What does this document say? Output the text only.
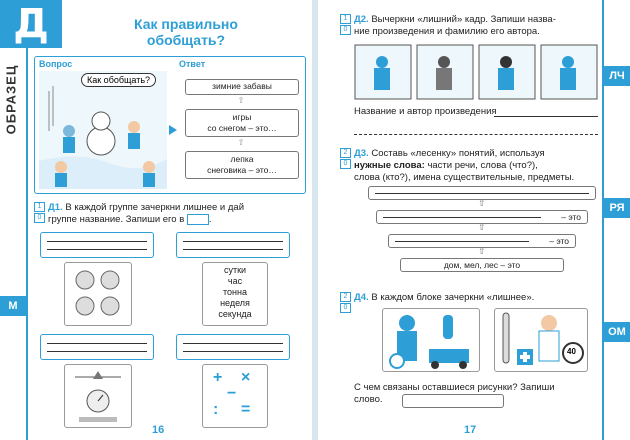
ОБРАЗЕЦ
Д
М
Как правильно
обобщать?
Вопрос	Ответ
Как обобщать?
зимние забавы
⇧
игры
со снегом – это…
⇧
лепка
снеговика – это…
1
0
Д1. В каждой группе зачеркни лишнее и дай
группе название. Запиши его в	.
сутки
час
тонна
неделя
секунда
+ ×
−
: =
16
ЛЧ
РЯ
ОМ
1
0
Д2. Вычеркни «лишний» кадр. Запиши назва-
ние произведения и фамилию его автора.
Название и автор произведения
2
0
Д3. Составь «лесенку» понятий, используя
нужные слова: части речи, слова (что?),
слова (кто?), имена существительные, предметы.
⇧
– это
⇧
– это
⇧
дом, мел, лес – это
2
0
Д4. В каждом блоке зачеркни «лишнее».
40
С чем связаны оставшиеся рисунки? Запиши
слово.
17
